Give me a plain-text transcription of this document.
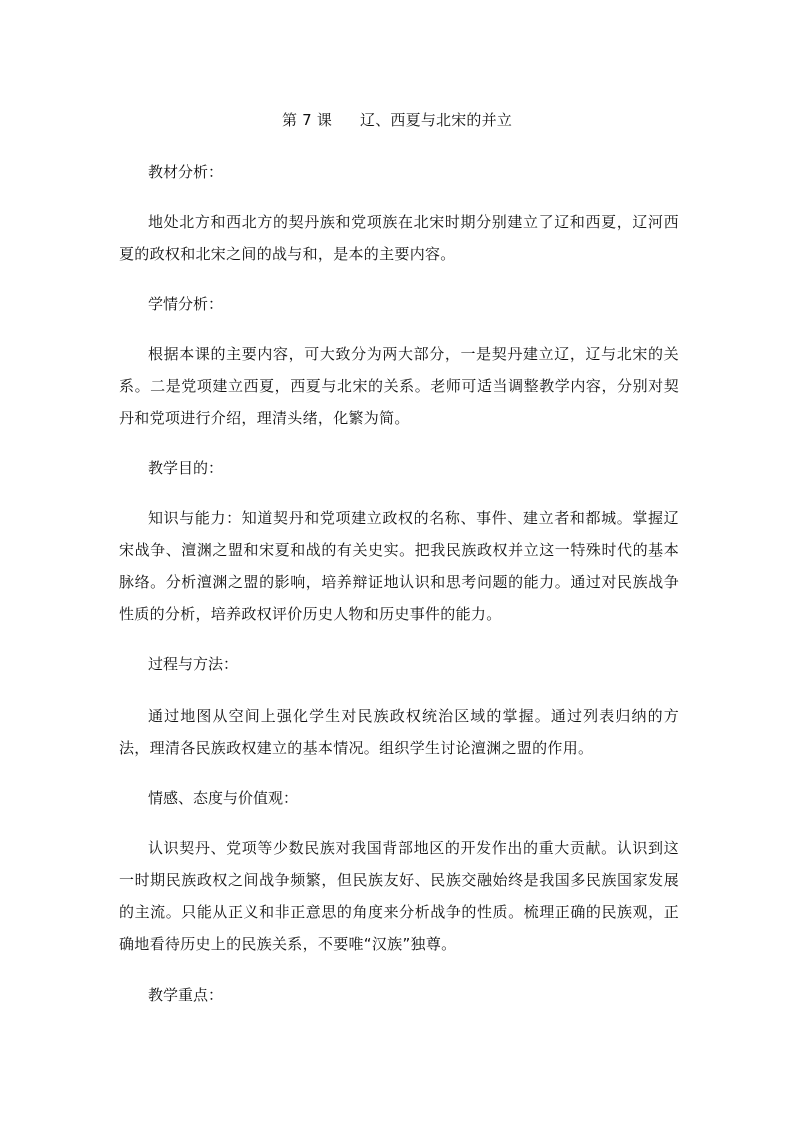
第 7 课 辽、西夏与北宋的并立
教材分析：
地处北方和西北方的契丹族和党项族在北宋时期分别建立了辽和西夏，辽河西夏的政权和北宋之间的战与和，是本的主要内容。
学情分析：
根据本课的主要内容，可大致分为两大部分，一是契丹建立辽，辽与北宋的关系。二是党项建立西夏，西夏与北宋的关系。老师可适当调整教学内容，分别对契丹和党项进行介绍，理清头绪，化繁为简。
教学目的：
知识与能力：知道契丹和党项建立政权的名称、事件、建立者和都城。掌握辽宋战争、澶渊之盟和宋夏和战的有关史实。把我民族政权并立这一特殊时代的基本脉络。分析澶渊之盟的影响，培养辩证地认识和思考问题的能力。通过对民族战争性质的分析，培养政权评价历史人物和历史事件的能力。
过程与方法：
通过地图从空间上强化学生对民族政权统治区域的掌握。通过列表归纳的方法，理清各民族政权建立的基本情况。组织学生讨论澶渊之盟的作用。
情感、态度与价值观：
认识契丹、党项等少数民族对我国背部地区的开发作出的重大贡献。认识到这一时期民族政权之间战争频繁，但民族友好、民族交融始终是我国多民族国家发展的主流。只能从正义和非正意思的角度来分析战争的性质。梳理正确的民族观，正确地看待历史上的民族关系，不要唯“汉族”独尊。
教学重点：
